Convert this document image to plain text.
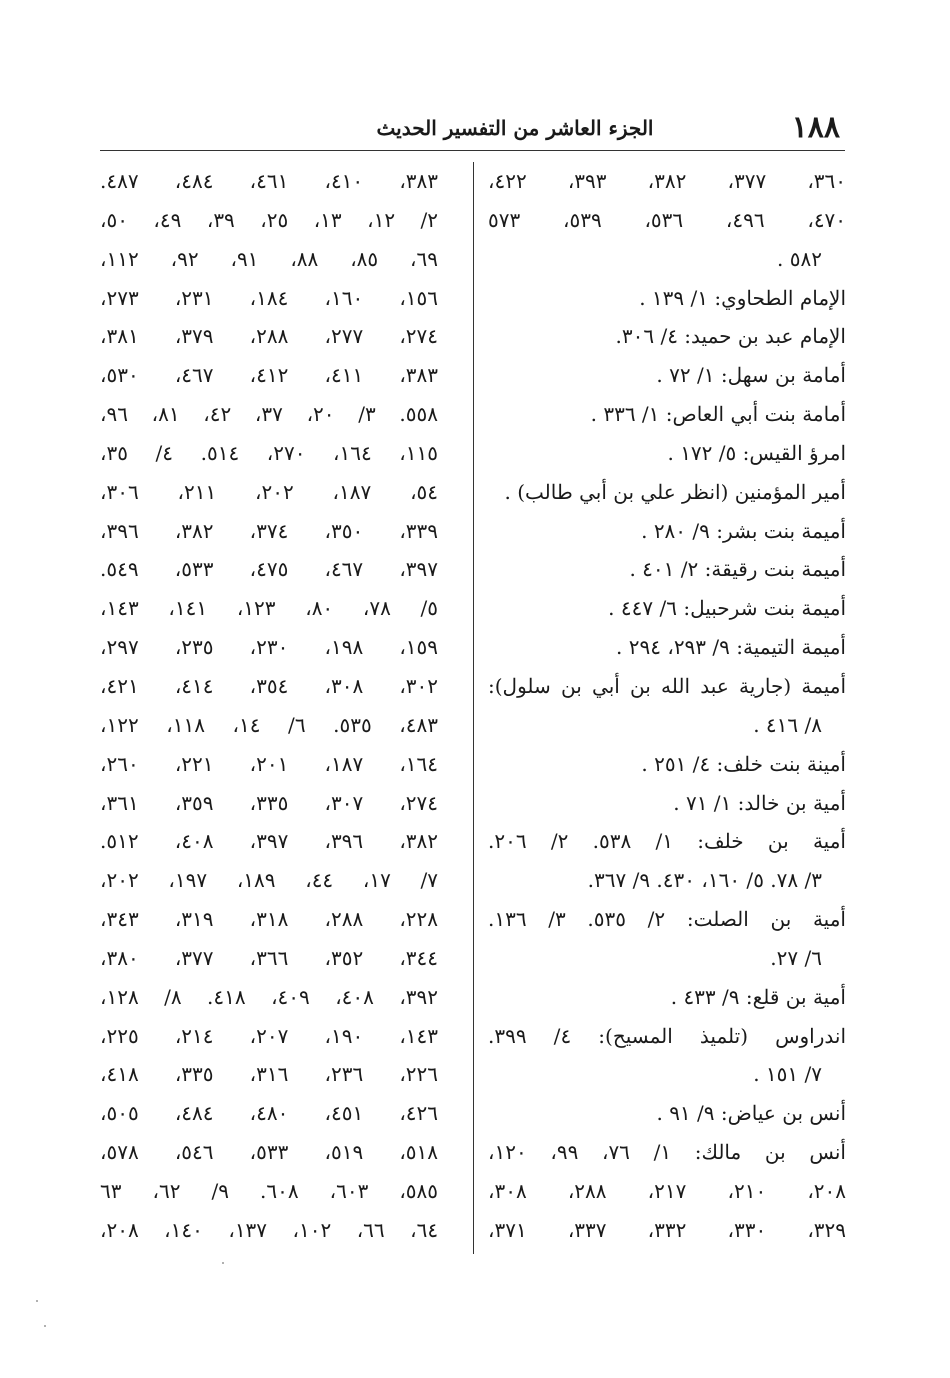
الجزء العاشر من التفسير الحديث	١٨٨
٣٦٠، ٣٧٧، ٣٨٢، ٣٩٣، ٤٢٢،
٤٧٠، ٤٩٦، ٥٣٦، ٥٣٩، ٥٧٣
٥٨٢ .
الإمام الطحاوي: ١/ ١٣٩ .
الإمام عبد بن حميد: ٤/ ٣٠٦.
أمامة بن سهل: ١/ ٧٢ .
أمامة بنت أبي العاص: ١/ ٣٣٦ .
امرؤ القيس: ٥/ ١٧٢ .
أمير المؤمنين (انظر علي بن أبي طالب) .
أميمة بنت بشر: ٩/ ٢٨٠ .
أميمة بنت رقيقة: ٢/ ٤٠١ .
أميمة بنت شرحبيل: ٦/ ٤٤٧ .
أميمة التيمية: ٩/ ٢٩٣، ٢٩٤ .
أميمة (جارية عبد الله بن أبي بن سلول):
٨/ ٤١٦ .
أمينة بنت خلف: ٤/ ٢٥١ .
أمية بن خالد: ١/ ٧١ .
أمية بن خلف: ١/ ٥٣٨. ٢/ ٢٠٦.
٣/ ٧٨. ٥/ ١٦٠، ٤٣٠. ٩/ ٣٦٧.
أمية بن الصلت: ٢/ ٥٣٥. ٣/ ١٣٦.
٦/ ٢٧.
أمية بن قلع: ٩/ ٤٣٣ .
اندراوس (تلميذ المسيح): ٤/ ٣٩٩.
٧/ ١٥١ .
أنس بن عياض: ٩/ ٩١ .
أنس بن مالك: ١/ ٧٦، ٩٩، ١٢٠،
٢٠٨، ٢١٠، ٢١٧، ٢٨٨، ٣٠٨،
٣٢٩، ٣٣٠، ٣٣٢، ٣٣٧، ٣٧١،
٣٨٣، ٤١٠، ٤٦١، ٤٨٤، ٤٨٧.
٢/ ١٢، ١٣، ٢٥، ٣٩، ٤٩، ٥٠،
٦٩، ٨٥، ٨٨، ٩١، ٩٢، ١١٢،
١٥٦، ١٦٠، ١٨٤، ٢٣١، ٢٧٣،
٢٧٤، ٢٧٧، ٢٨٨، ٣٧٩، ٣٨١،
٣٨٣، ٤١١، ٤١٢، ٤٦٧، ٥٣٠،
٥٥٨. ٣/ ٢٠، ٣٧، ٤٢، ٨١، ٩٦،
١١٥، ١٦٤، ٢٧٠، ٥١٤. ٤/ ٣٥،
٥٤، ١٨٧، ٢٠٢، ٢١١، ٣٠٦،
٣٣٩، ٣٥٠، ٣٧٤، ٣٨٢، ٣٩٦،
٣٩٧، ٤٦٧، ٤٧٥، ٥٣٣، ٥٤٩.
٥/ ٧٨، ٨٠، ١٢٣، ١٤١، ١٤٣،
١٥٩، ١٩٨، ٢٣٠، ٢٣٥، ٢٩٧،
٣٠٢، ٣٠٨، ٣٥٤، ٤١٤، ٤٢١،
٤٨٣، ٥٣٥. ٦/ ١٤، ١١٨، ١٢٢،
١٦٤، ١٨٧، ٢٠١، ٢٢١، ٢٦٠،
٢٧٤، ٣٠٧، ٣٣٥، ٣٥٩، ٣٦١،
٣٨٢، ٣٩٦، ٣٩٧، ٤٠٨، ٥١٢.
٧/ ١٧، ٤٤، ١٨٩، ١٩٧، ٢٠٢،
٢٢٨، ٢٨٨، ٣١٨، ٣١٩، ٣٤٣،
٣٤٤، ٣٥٢، ٣٦٦، ٣٧٧، ٣٨٠،
٣٩٢، ٤٠٨، ٤٠٩، ٤١٨. ٨/ ١٢٨،
١٤٣، ١٩٠، ٢٠٧، ٢١٤، ٢٢٥،
٢٢٦، ٢٣٦، ٣١٦، ٣٣٥، ٤١٨،
٤٢٦، ٤٥١، ٤٨٠، ٤٨٤، ٥٠٥،
٥١٨، ٥١٩، ٥٣٣، ٥٤٦، ٥٧٨،
٥٨٥، ٦٠٣، ٦٠٨. ٩/ ٦٢، ٦٣
٦٤، ٦٦، ١٠٢، ١٣٧، ١٤٠، ٢٠٨،
